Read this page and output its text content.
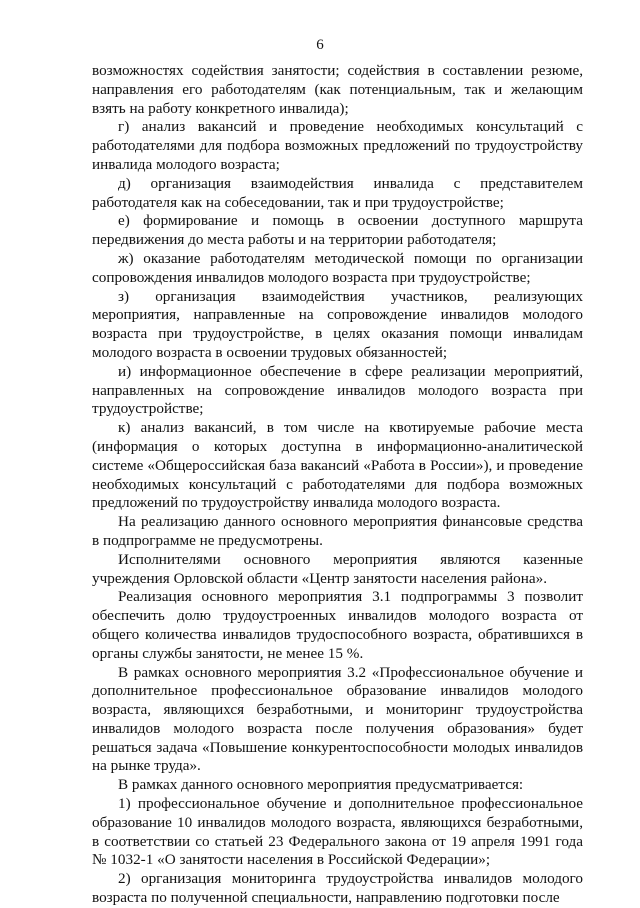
6

возможностях содействия занятости; содействия в составлении резюме, направления его работодателям (как потенциальным, так и желающим взять на работу конкретного инвалида);

г) анализ вакансий и проведение необходимых консультаций с работодателями для подбора возможных предложений по трудоустройству инвалида молодого возраста;

д) организация взаимодействия инвалида с представителем работодателя как на собеседовании, так и при трудоустройстве;

е) формирование и помощь в освоении доступного маршрута передвижения до места работы и на территории работодателя;

ж) оказание работодателям методической помощи по организации сопровождения инвалидов молодого возраста при трудоустройстве;

з) организация взаимодействия участников, реализующих мероприятия, направленные на сопровождение инвалидов молодого возраста при трудоустройстве, в целях оказания помощи инвалидам молодого возраста в освоении трудовых обязанностей;

и) информационное обеспечение в сфере реализации мероприятий, направленных на сопровождение инвалидов молодого возраста при трудоустройстве;

к) анализ вакансий, в том числе на квотируемые рабочие места (информация о которых доступна в информационно-аналитической системе «Общероссийская база вакансий «Работа в России»), и проведение необходимых консультаций с работодателями для подбора возможных предложений по трудоустройству инвалида молодого возраста.

На реализацию данного основного мероприятия финансовые средства в подпрограмме не предусмотрены.

Исполнителями основного мероприятия являются казенные учреждения Орловской области «Центр занятости населения района».

Реализация основного мероприятия 3.1 подпрограммы 3 позволит обеспечить долю трудоустроенных инвалидов молодого возраста от общего количества инвалидов трудоспособного возраста, обратившихся в органы службы занятости, не менее 15 %.

В рамках основного мероприятия 3.2 «Профессиональное обучение и дополнительное профессиональное образование инвалидов молодого возраста, являющихся безработными, и мониторинг трудоустройства инвалидов молодого возраста после получения образования» будет решаться задача «Повышение конкурентоспособности молодых инвалидов на рынке труда».

В рамках данного основного мероприятия предусматривается:

1) профессиональное обучение и дополнительное профессиональное образование 10 инвалидов молодого возраста, являющихся безработными, в соответствии со статьей 23 Федерального закона от 19 апреля 1991 года № 1032-1 «О занятости населения в Российской Федерации»;

2) организация мониторинга трудоустройства инвалидов молодого возраста по полученной специальности, направлению подготовки после
